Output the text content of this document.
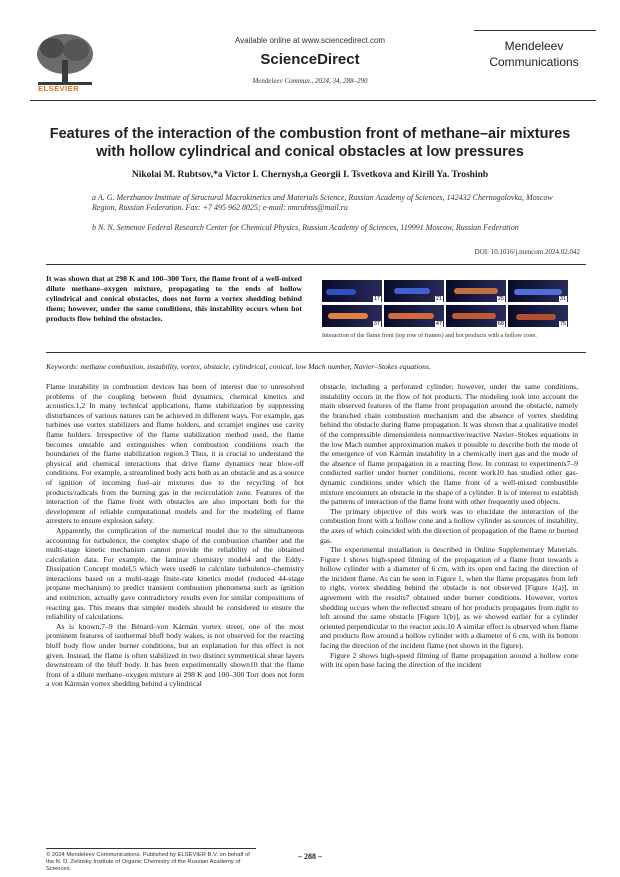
ELSEVIER
Available online at www.sciencedirect.com
ScienceDirect
Mendeleev Commun., 2024, 34, 288–290
Mendeleev Communications
Features of the interaction of the combustion front of methane–air mixtures with hollow cylindrical and conical obstacles at low pressures
Nikolai M. Rubtsov,*a Victor I. Chernysh,a Georgii I. Tsvetkova and Kirill Ya. Troshinb
a A. G. Merzhanov Institute of Structural Macrokinetics and Materials Science, Russian Academy of Sciences, 142432 Chernogolovka, Moscow Region, Russian Federation. Fax: +7 495 962 8025; e-mail: nmrubtss@mail.ru
b N. N. Semenov Federal Research Center for Chemical Physics, Russian Academy of Sciences, 119991 Moscow, Russian Federation
DOI: 10.1016/j.mencom.2024.02.042
It was shown that at 298 K and 100–300 Torr, the flame front of a well-mixed dilute methane–oxygen mixture, propagating to the ends of hollow cylindrical and conical obstacles, does not form a vortex shedding behind them; however, under the same conditions, this instability occurs when hot products flow behind the obstacles.
17	21	25	31
37	47	68	75
Interaction of the flame front (top row of frames) and hot products with a hollow cone.
Keywords: methane combustion, instability, vortex, obstacle, cylindrical, conical, low Mach number, Navier–Stokes equations.

Flame instability in combustion devices has been of interest due to unresolved problems of the coupling between fluid dynamics, chemical kinetics and acoustics.1,2 In many technical applications, flame stabilization by suppressing disturbances of various natures can be achieved in different ways. For example, gas turbines use vortex stabilizers and flame holders, and scramjet engines use cavity flame holders. Irrespective of the flame stabilization method used, the flame becomes unstable and extinguishes when combustion conditions reach the boundaries of the flame stabilization region.3 Thus, it is crucial to understand the physical and chemical interactions that drive flame dynamics near blow-off conditions. For example, a streamlined body acts both as an obstacle and as a source of ignition of incoming fuel–air mixtures due to the recycling of hot products/radicals from the burning gas in the recirculation zone. Features of the interaction of the flame front with obstacles are also important both for the development of reliable computational models and for the modeling of flame arresters to ensure explosion safety.

Apparently, the complication of the numerical model due to the simultaneous accounting for turbulence, the complex shape of the combustion chamber and the multi-stage kinetic mechanism cannot provide the reliability of the obtained calculation data. For example, the laminar chemistry model4 and the Eddy-Dissipation Concept model,5 which were used6 to calculate turbulence–chemistry interactions based on a multi-stage finite-rate kinetics model (reduced 44-stage propane mechanism) to predict transient combustion phenomena such as ignition and extinction, actually gave contradictory results even for similar compositions of reacting gas. This means that simpler models should be considered to ensure the reliability of calculations.

As is known,7–9 the Bénard–von Kármán vortex street, one of the most prominent features of isothermal bluff body wakes, is not observed for the reacting bluff body flow under burner conditions, but an explanation for this effect is not given. Instead, the flame is often stabilized in two distinct symmetrical shear layers downstream of the bluff body. It has been experimentally shown10 that the flame front of a dilute methane–oxygen mixture at 298 K and 100–300 Torr does not form a von Kármán vortex shedding behind a cylindrical

obstacle, including a perforated cylinder; however, under the same conditions, instability occurs in the flow of hot products. The modeling took into account the main observed features of the flame front propagation around the obstacle, namely the branched chain combustion mechanism and the absence of vortex shedding behind the obstacle during flame propagation. It was shown that a qualitative model of the compressible dimensionless nonreactive/reactive Navier–Stokes equations in the low Mach number approximation makes it possible to describe both the mode of the emergence of von Kármán instability in a chemically inert gas and the mode of the absence of flame propagation in a reacting flow. In contrast to experiments7–9 conducted earlier under burner conditions, recent work10 has studied other gas-dynamic conditions under which the flame front of a well-mixed combustible mixture encounters an obstacle in the shape of a cylinder. It is of interest to establish the patterns of interaction of the flame front with other frequently used objects.

The primary objective of this work was to elucidate the interaction of the combustion front with a hollow cone and a hollow cylinder as sources of instability, the axes of which coincided with the direction of propagation of the flame or burned gas.

The experimental installation is described in Online Supplementary Materials. Figure 1 shows high-speed filming of the propagation of a flame front towards a hollow cylinder with a diameter of 6 cm, with its open end facing the direction of the incident flame. As can be seen in Figure 1, when the flame propagates from left to right, vortex shedding behind the obstacle is not observed [Figure 1(a)], in agreement with the results7 obtained under burner conditions. However, vortex shedding occurs when the reflected stream of hot products propagates from right to left around the same obstacle [Figure 1(b)], as we showed earlier for a cylinder oriented perpendicular to the reactor axis.10 A similar effect is observed when flame and products flow around a hollow cylinder with a diameter of 6 cm, with its bottom facing the direction of the incident flame (not shown in the figure).

Figure 2 shows high-speed filming of flame propagation around a hollow cone with its open base facing the direction of the incident

© 2024 Mendeleev Communications. Published by ELSEVIER B.V. on behalf of the N. D. Zelinsky Institute of Organic Chemistry of the Russian Academy of Sciences.
– 288 –
